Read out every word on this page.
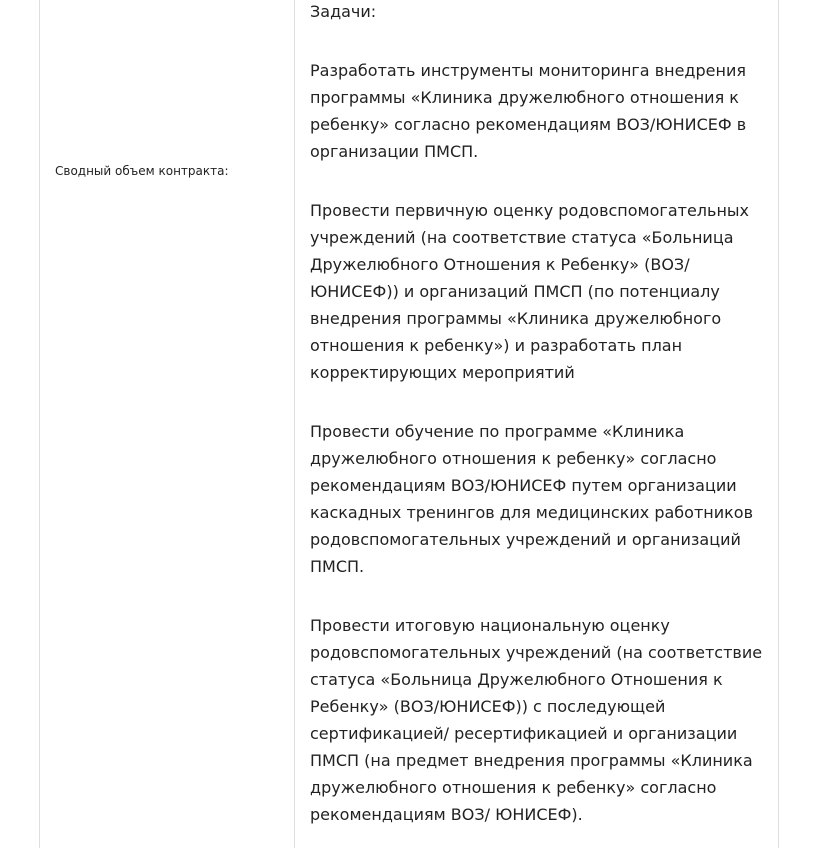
Сводный объем контракта:

Задачи:

Разработать инструменты мониторинга внедрения программы «Клиника дружелюбного отношения к ребенку» согласно рекомендациям ВОЗ/ЮНИСЕФ в организации ПМСП.

Провести первичную оценку родовспомогательных учреждений (на соответствие статуса «Больница Дружелюбного Отношения к Ребенку» (ВОЗ/ЮНИСЕФ)) и организаций ПМСП (по потенциалу внедрения программы «Клиника дружелюбного отношения к ребенку») и разработать план корректирующих мероприятий

Провести обучение по программе «Клиника дружелюбного отношения к ребенку» согласно рекомендациям ВОЗ/ЮНИСЕФ путем организации каскадных тренингов для медицинских работников родовспомогательных учреждений и организаций ПМСП.

Провести итоговую национальную оценку родовспомогательных учреждений (на соответствие статуса «Больница Дружелюбного Отношения к Ребенку» (ВОЗ/ЮНИСЕФ)) с последующей сертификацией/ ресертификацией и организации ПМСП (на предмет внедрения программы «Клиника дружелюбного отношения к ребенку» согласно рекомендациям ВОЗ/ ЮНИСЕФ).
